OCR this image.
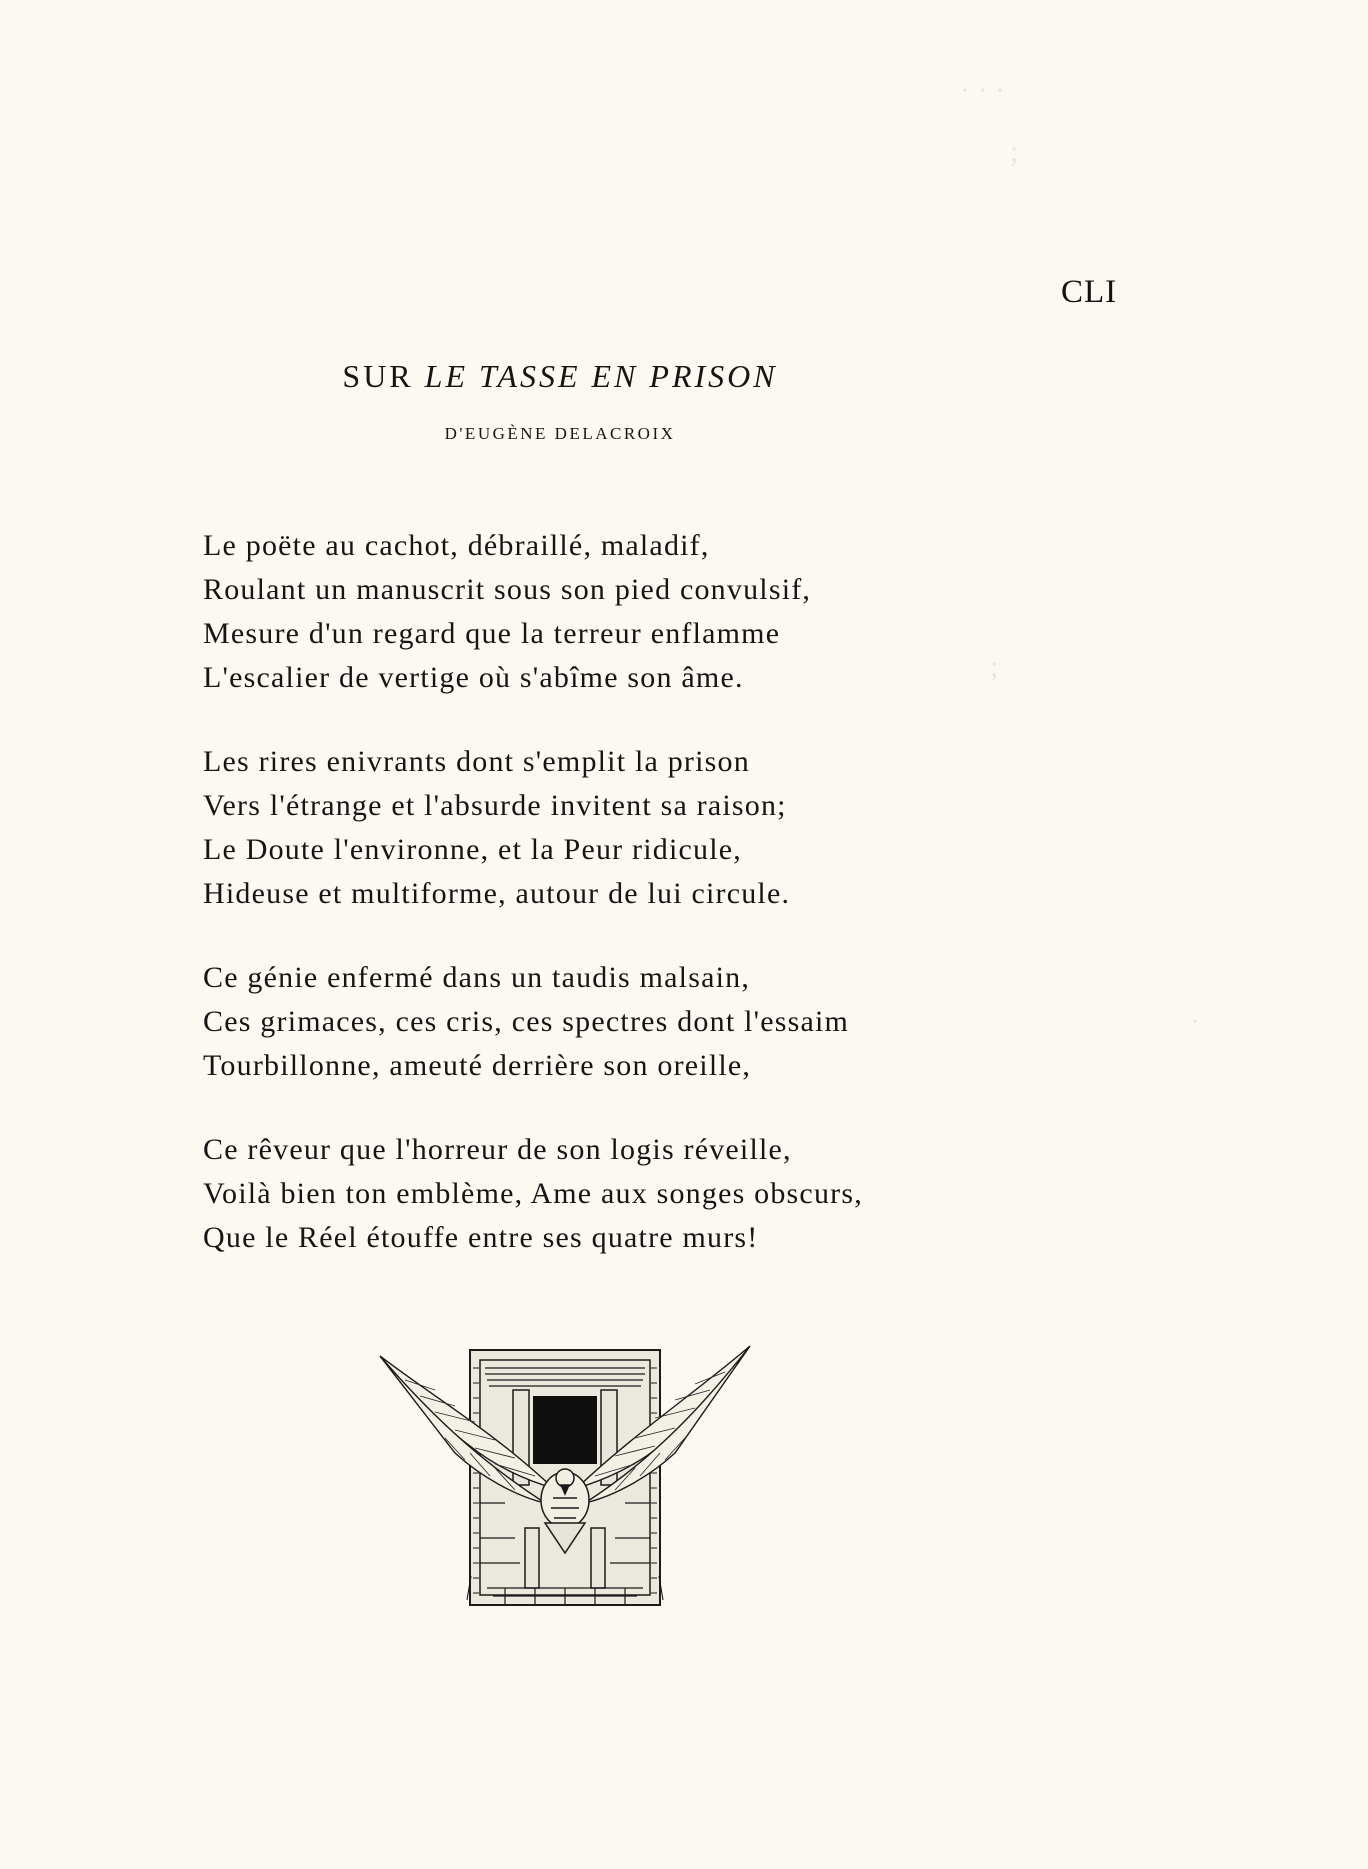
· · ·
;
;
·
CLI
SUR LE TASSE EN PRISON
D'EUGÈNE DELACROIX
Le poëte au cachot, débraillé, maladif,
Roulant un manuscrit sous son pied convulsif,
Mesure d'un regard que la terreur enflamme
L'escalier de vertige où s'abîme son âme.
Les rires enivrants dont s'emplit la prison
Vers l'étrange et l'absurde invitent sa raison;
Le Doute l'environne, et la Peur ridicule,
Hideuse et multiforme, autour de lui circule.
Ce génie enfermé dans un taudis malsain,
Ces grimaces, ces cris, ces spectres dont l'essaim
Tourbillonne, ameuté derrière son oreille,
Ce rêveur que l'horreur de son logis réveille,
Voilà bien ton emblème, Ame aux songes obscurs,
Que le Réel étouffe entre ses quatre murs!
